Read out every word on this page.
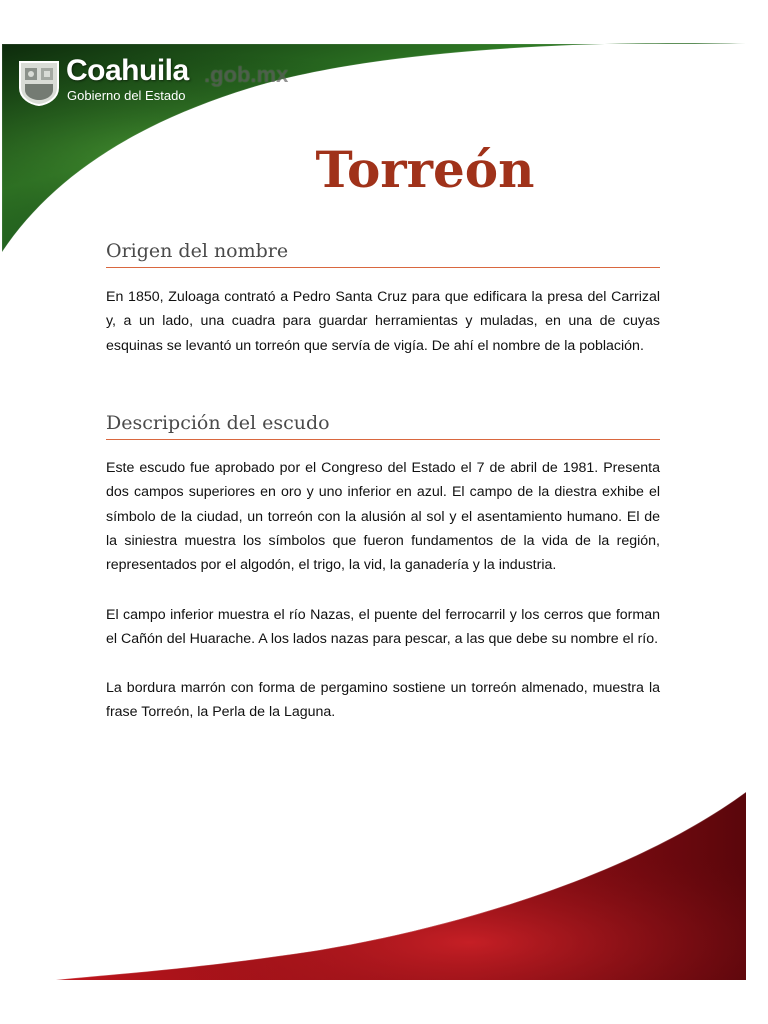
Coahuila .gob.mx
Gobierno del Estado
Torreón
Origen del nombre

En 1850, Zuloaga contrató a Pedro Santa Cruz para que edificara la presa del Carrizal y, a un lado, una cuadra para guardar herramientas y muladas, en una de cuyas esquinas se levantó un torreón que servía de vigía. De ahí el nombre de la población.

Descripción del escudo

Este escudo fue aprobado por el Congreso del Estado el 7 de abril de 1981. Presenta dos campos superiores en oro y uno inferior en azul. El campo de la diestra exhibe el símbolo de la ciudad, un torreón con la alusión al sol y el asentamiento humano. El de la siniestra muestra los símbolos que fueron fundamentos de la vida de la región, representados por el algodón, el trigo, la vid, la ganadería y la industria.

El campo inferior muestra el río Nazas, el puente del ferrocarril y los cerros que forman el Cañón del Huarache. A los lados nazas para pescar, a las que debe su nombre el río.

La bordura marrón con forma de pergamino sostiene un torreón almenado, muestra la frase Torreón, la Perla de la Laguna.
